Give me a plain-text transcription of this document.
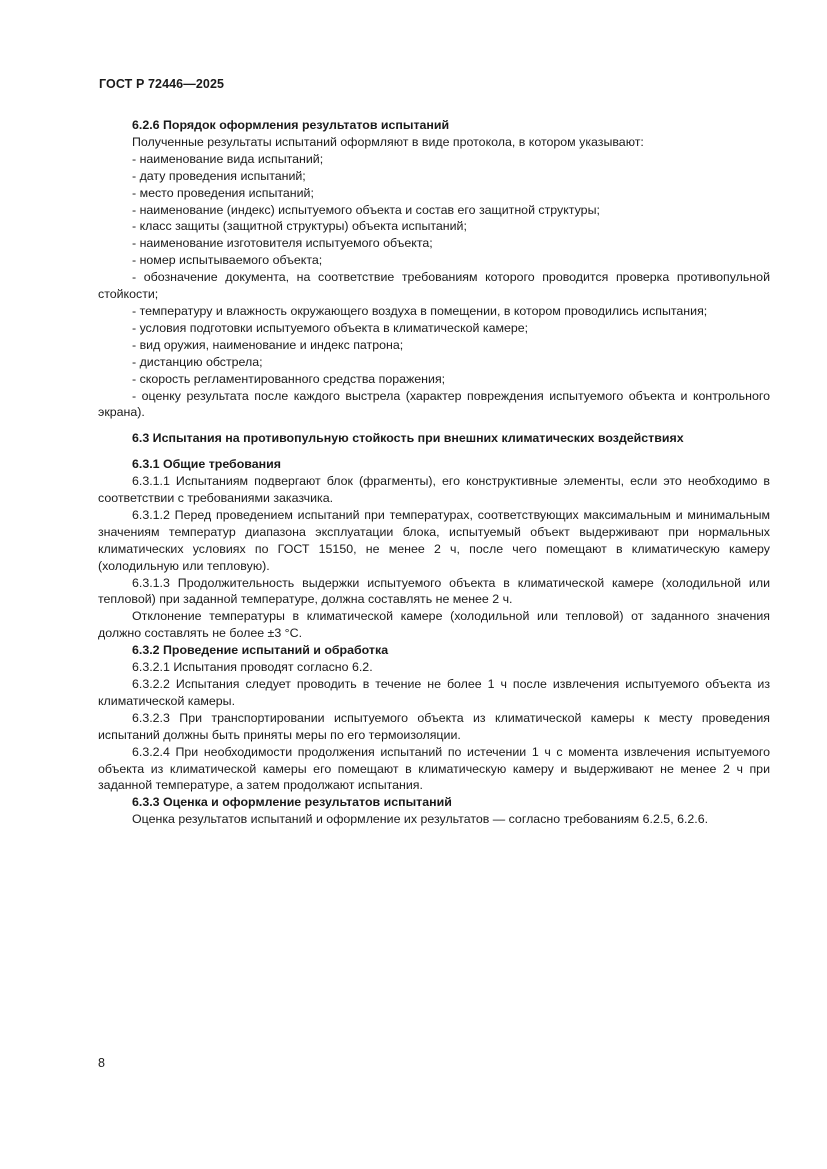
ГОСТ Р 72446—2025

6.2.6 Порядок оформления результатов испытаний

Полученные результаты испытаний оформляют в виде протокола, в котором указывают:

- наименование вида испытаний;

- дату проведения испытаний;

- место проведения испытаний;

- наименование (индекс) испытуемого объекта и состав его защитной структуры;

- класс защиты (защитной структуры) объекта испытаний;

- наименование изготовителя испытуемого объекта;

- номер испытываемого объекта;

- обозначение документа, на соответствие требованиям которого проводится проверка противопульной стойкости;

- температуру и влажность окружающего воздуха в помещении, в котором проводились испытания;

- условия подготовки испытуемого объекта в климатической камере;

- вид оружия, наименование и индекс патрона;

- дистанцию обстрела;

- скорость регламентированного средства поражения;

- оценку результата после каждого выстрела (характер повреждения испытуемого объекта и контрольного экрана).

6.3 Испытания на противопульную стойкость при внешних климатических воздействиях

6.3.1 Общие требования

6.3.1.1 Испытаниям подвергают блок (фрагменты), его конструктивные элементы, если это необходимо в соответствии с требованиями заказчика.

6.3.1.2 Перед проведением испытаний при температурах, соответствующих максимальным и минимальным значениям температур диапазона эксплуатации блока, испытуемый объект выдерживают при нормальных климатических условиях по ГОСТ 15150, не менее 2 ч, после чего помещают в климатическую камеру (холодильную или тепловую).

6.3.1.3 Продолжительность выдержки испытуемого объекта в климатической камере (холодильной или тепловой) при заданной температуре, должна составлять не менее 2 ч.

Отклонение температуры в климатической камере (холодильной или тепловой) от заданного значения должно составлять не более ±3 °С.

6.3.2 Проведение испытаний и обработка

6.3.2.1 Испытания проводят согласно 6.2.

6.3.2.2 Испытания следует проводить в течение не более 1 ч после извлечения испытуемого объекта из климатической камеры.

6.3.2.3 При транспортировании испытуемого объекта из климатической камеры к месту проведения испытаний должны быть приняты меры по его термоизоляции.

6.3.2.4 При необходимости продолжения испытаний по истечении 1 ч с момента извлечения испытуемого объекта из климатической камеры его помещают в климатическую камеру и выдерживают не менее 2 ч при заданной температуре, а затем продолжают испытания.

6.3.3 Оценка и оформление результатов испытаний

Оценка результатов испытаний и оформление их результатов — согласно требованиям 6.2.5, 6.2.6.

8
